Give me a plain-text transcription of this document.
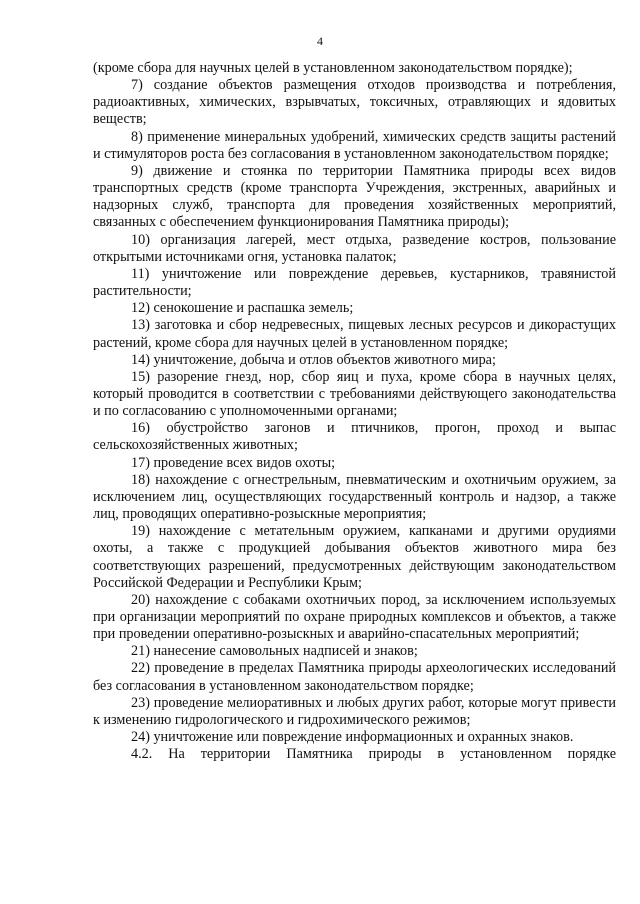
4

(кроме сбора для научных целей в установленном законодательством порядке);

7) создание объектов размещения отходов производства и потребления, радиоактивных, химических, взрывчатых, токсичных, отравляющих и ядовитых веществ;

8) применение минеральных удобрений, химических средств защиты растений и стимуляторов роста без согласования в установленном законодательством порядке;

9) движение и стоянка по территории Памятника природы всех видов транспортных средств (кроме транспорта Учреждения, экстренных, аварийных и надзорных служб, транспорта для проведения хозяйственных мероприятий, связанных с обеспечением функционирования Памятника природы);

10) организация лагерей, мест отдыха, разведение костров, пользование открытыми источниками огня, установка палаток;

11) уничтожение или повреждение деревьев, кустарников, травянистой растительности;

12) сенокошение и распашка земель;

13) заготовка и сбор недревесных, пищевых лесных ресурсов и дикорастущих растений, кроме сбора для научных целей в установленном порядке;

14) уничтожение, добыча и отлов объектов животного мира;

15) разорение гнезд, нор, сбор яиц и пуха, кроме сбора в научных целях, который проводится в соответствии с требованиями действующего законодательства и по согласованию с уполномоченными органами;

16) обустройство загонов и птичников, прогон, проход и выпас сельскохозяйственных животных;

17) проведение всех видов охоты;

18) нахождение с огнестрельным, пневматическим и охотничьим оружием, за исключением лиц, осуществляющих государственный контроль и надзор, а также лиц, проводящих оперативно-розыскные мероприятия;

19) нахождение с метательным оружием, капканами и другими орудиями охоты, а также с продукцией добывания объектов животного мира без соответствующих разрешений, предусмотренных действующим законодательством Российской Федерации и Республики Крым;

20) нахождение с собаками охотничьих пород, за исключением используемых при организации мероприятий по охране природных комплексов и объектов, а также при проведении оперативно-розыскных и аварийно-спасательных мероприятий;

21) нанесение самовольных надписей и знаков;

22) проведение в пределах Памятника природы археологических исследований без согласования в установленном законодательством порядке;

23) проведение мелиоративных и любых других работ, которые могут привести к изменению гидрологического и гидрохимического режимов;

24) уничтожение или повреждение информационных и охранных знаков.

4.2. На территории Памятника природы в установленном порядке
